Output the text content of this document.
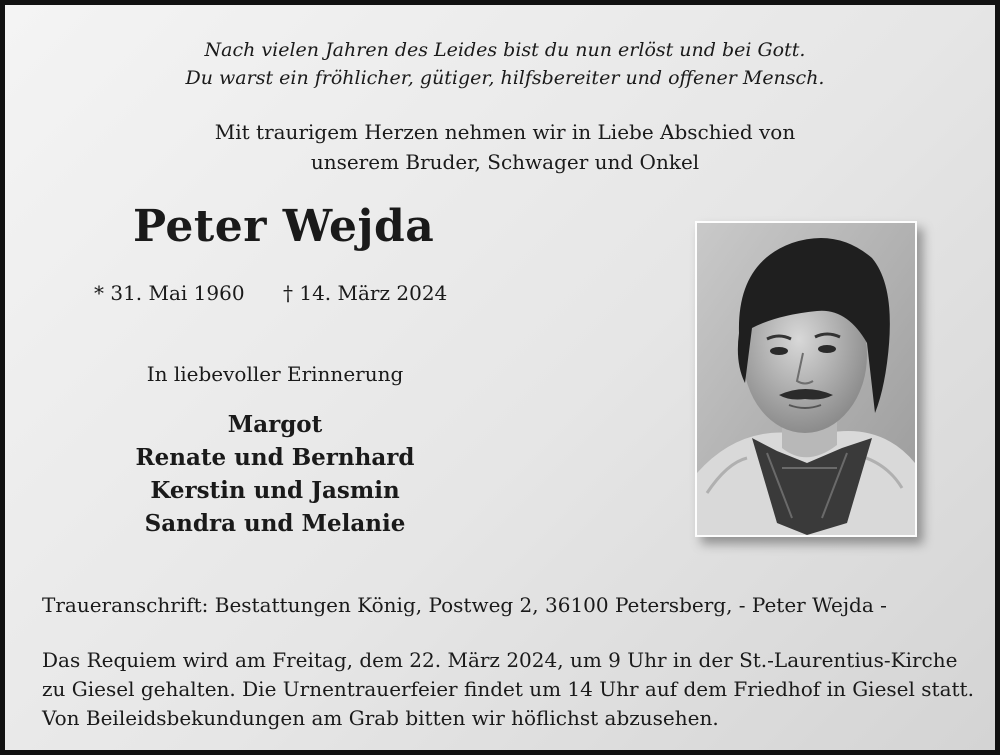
Nach vielen Jahren des Leides bist du nun erlöst und bei Gott.
Du warst ein fröhlicher, gütiger, hilfsbereiter und offener Mensch.
Mit traurigem Herzen nehmen wir in Liebe Abschied von
unserem Bruder, Schwager und Onkel
Peter Wejda
* 31. Mai 1960 † 14. März 2024
In liebevoller Erinnerung
Margot
Renate und Bernhard
Kerstin und Jasmin
Sandra und Melanie
Traueranschrift: Bestattungen König, Postweg 2, 36100 Petersberg, - Peter Wejda -
Das Requiem wird am Freitag, dem 22. März 2024, um 9 Uhr in der St.-Laurentius-Kirche
zu Giesel gehalten. Die Urnentrauerfeier findet um 14 Uhr auf dem Friedhof in Giesel statt.
Von Beileidsbekundungen am Grab bitten wir höflichst abzusehen.
